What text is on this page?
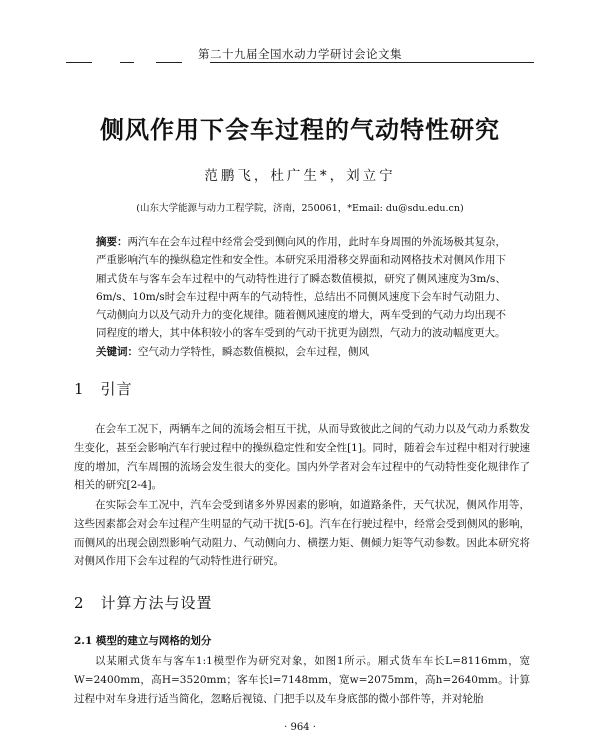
第二十九届全国水动力学研讨会论文集
侧风作用下会车过程的气动特性研究
范鹏飞，杜广生*，刘立宁
(山东大学能源与动力工程学院，济南，250061，*Email: du@sdu.edu.cn)
摘要：两汽车在会车过程中经常会受到侧向风的作用，此时车身周围的外流场极其复杂，严重影响汽车的操纵稳定性和安全性。本研究采用滑移交界面和动网格技术对侧风作用下厢式货车与客车会车过程中的气动特性进行了瞬态数值模拟，研究了侧风速度为3m/s、6m/s、10m/s时会车过程中两车的气动特性，总结出不同侧风速度下会车时气动阻力、气动侧向力以及气动升力的变化规律。随着侧风速度的增大，两车受到的气动力均出现不同程度的增大，其中体积较小的客车受到的气动干扰更为剧烈，气动力的波动幅度更大。
关键词：空气动力学特性，瞬态数值模拟，会车过程，侧风
1 引言
在会车工况下，两辆车之间的流场会相互干扰，从而导致彼此之间的气动力以及气动力系数发生变化，甚至会影响汽车行驶过程中的操纵稳定性和安全性[1]。同时，随着会车过程中相对行驶速度的增加，汽车周围的流场会发生很大的变化。国内外学者对会车过程中的气动特性变化规律作了相关的研究[2-4]。
在实际会车工况中，汽车会受到诸多外界因素的影响，如道路条件，天气状况，侧风作用等，这些因素都会对会车过程产生明显的气动干扰[5-6]。汽车在行驶过程中，经常会受到侧风的影响，而侧风的出现会剧烈影响气动阻力、气动侧向力、横摆力矩、侧倾力矩等气动参数。因此本研究将对侧风作用下会车过程的气动特性进行研究。
2 计算方法与设置
2.1 模型的建立与网格的划分
以某厢式货车与客车1:1模型作为研究对象，如图1所示。厢式货车车长L=8116mm，宽W=2400mm，高H=3520mm；客车长l=7148mm，宽w=2075mm，高h=2640mm。计算过程中对车身进行适当简化，忽略后视镜、门把手以及车身底部的微小部件等，并对轮胎
· 964 ·
